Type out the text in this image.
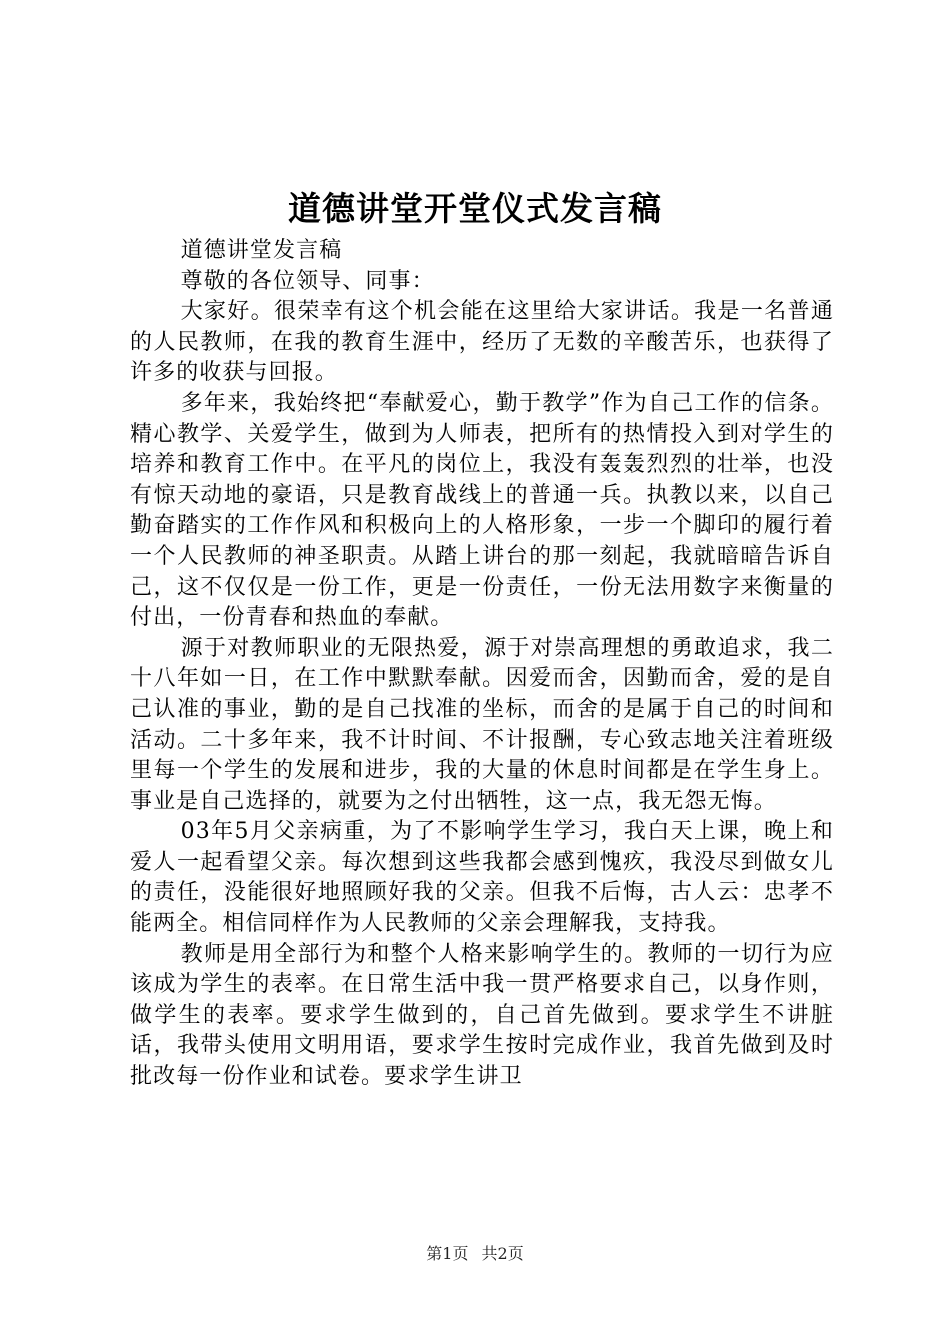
道德讲堂开堂仪式发言稿

道德讲堂发言稿

尊敬的各位领导、同事：

大家好。很荣幸有这个机会能在这里给大家讲话。我是一名普通的人民教师，在我的教育生涯中，经历了无数的辛酸苦乐，也获得了许多的收获与回报。

多年来，我始终把“奉献爱心，勤于教学”作为自己工作的信条。精心教学、关爱学生，做到为人师表，把所有的热情投入到对学生的培养和教育工作中。在平凡的岗位上，我没有轰轰烈烈的壮举，也没有惊天动地的豪语，只是教育战线上的普通一兵。执教以来，以自己勤奋踏实的工作作风和积极向上的人格形象，一步一个脚印的履行着一个人民教师的神圣职责。从踏上讲台的那一刻起，我就暗暗告诉自己，这不仅仅是一份工作，更是一份责任，一份无法用数字来衡量的付出，一份青春和热血的奉献。

源于对教师职业的无限热爱，源于对崇高理想的勇敢追求，我二十八年如一日，在工作中默默奉献。因爱而舍，因勤而舍，爱的是自己认准的事业，勤的是自己找准的坐标，而舍的是属于自己的时间和活动。二十多年来，我不计时间、不计报酬，专心致志地关注着班级里每一个学生的发展和进步，我的大量的休息时间都是在学生身上。事业是自己选择的，就要为之付出牺牲，这一点，我无怨无悔。

03年5月父亲病重，为了不影响学生学习，我白天上课，晚上和爱人一起看望父亲。每次想到这些我都会感到愧疚，我没尽到做女儿的责任，没能很好地照顾好我的父亲。但我不后悔，古人云：忠孝不能两全。相信同样作为人民教师的父亲会理解我，支持我。

教师是用全部行为和整个人格来影响学生的。教师的一切行为应该成为学生的表率。在日常生活中我一贯严格要求自己，以身作则，做学生的表率。要求学生做到的，自己首先做到。要求学生不讲脏话，我带头使用文明用语，要求学生按时完成作业，我首先做到及时批改每一份作业和试卷。要求学生讲卫

第1页 共2页
